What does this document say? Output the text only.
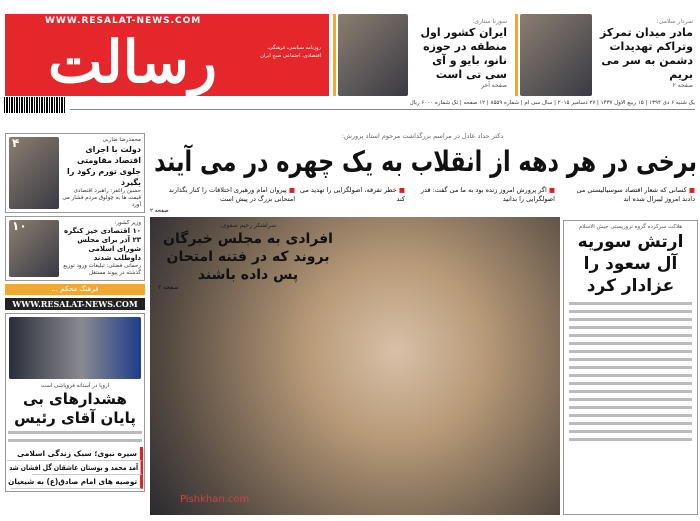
WWW.RESALAT-NEWS.COM
رسالت	روزنامه سیاسی، فرهنگی، اقتصادی، اجتماعی صبح ایران
سورنا ستاری:
ایران کشور اول منطقه در حوزه نانو، بایو و آی سی تی است
صفحه آخر
سردار سلامی:
مادر میدان تمرکز وتراکم تهدیدات دشمن به سر می بریم
صفحه ۲
یک شنبه ۶ دی ۱۳۹۴ | ۱۵ ربیع الاول ۱۴۳۷ | ۲۷ دسامبر ۲۰۱۵ | سال سی ام | شماره ۸۵۵۹ | ۱۲ صفحه | تک شماره ۶۰۰۰ ریال
دکتر حداد عادل در مراسم بزرگداشت مرحوم استاد پرورش:
برخی در هر دهه از انقلاب به یک چهره در می آیند
■ کسانی که شعار اقتصاد سوسیالیستی می دادند امروز لیبرال شده اند
■ اگر پرورش امروز زنده بود به ما می گفت: قدر اصولگرایی را بدانید
■ خطر تفرقه، اصولگرایی را تهدید می کند
■ پیروان امام ورهبری اختلافات را کنار بگذارند امتحانی بزرگ در پیش است
صفحه ۲
محمدرضا ضاربی
دولت با اجرای اقتصاد مقاومتی جلوی تورم رکود را بگیرد
حسین راغفر: راهبرد اقتصادی قیمت ها به چولوق مردم فشار می آورد
۴
وزیر کشور:
۱۰ اقتصادی خیز کنگره ۲۳ آذر برای مجلس شورای اسلامی داوطلب شدند
رحمانی فضلی: تبلیغات ورود توزیع گذشته در پیوند مستقل
۱۰
فرهنگ محکم ...
WWW.RESALAT-NEWS.COM
اروپا در آستانه فروپاشی است
هشدارهای بی پایان آقای رئیس
سیره نبوی؛ سبک زندگی اسلامی
آمد محمد و بوستان عاشقان گل افشان شد
توصیه های امام صادق(ع) به شیعیان
سرلشکر رحیم صفوی:
افرادی به مجلس خبرگان بروند که در فتنه امتحان پس داده باشند
صفحه ۲
Pishkhan.com
هلاکت سرکرده گروه تروریستی جیش الاسلام
ارتش سوریه آل سعود را عزادار کرد
